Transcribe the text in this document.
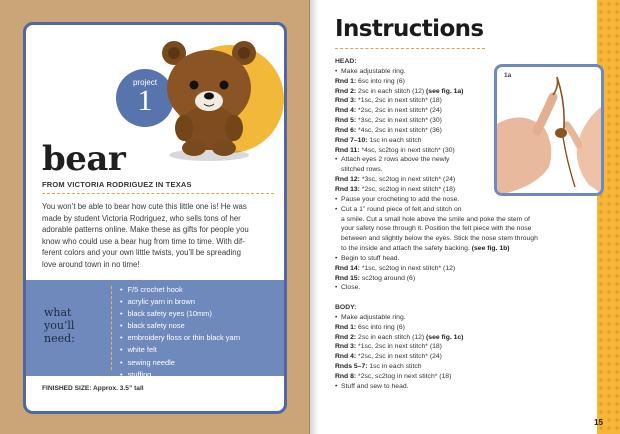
project
1
bear
FROM VICTORIA RODRIGUEZ IN TEXAS

You won’t be able to bear how cute this little one is! He was
made by student Victoria Rodriguez, who sells tons of her
adorable patterns online. Make these as gifts for people you
know who could use a bear hug from time to time. With dif-
ferent colors and your own little twists, you’ll be spreading
love around town in no time!

what
you’ll
need:
• F/5 crochet hook
• acrylic yarn in brown
• black safety eyes (10mm)
• black safety nose
• embroidery floss or thin black yarn
• white felt
• sewing needle
• stuffing
FINISHED SIZE: Approx. 3.5” tall
Instructions
HEAD:
• Make adjustable ring.
Rnd 1: 6sc into ring (6)
Rnd 2: 2sc in each stitch (12) (see fig. 1a)
Rnd 3: *1sc, 2sc in next stitch* (18)
Rnd 4: *2sc, 2sc in next stitch* (24)
Rnd 5: *3sc, 2sc in next stitch* (30)
Rnd 6: *4sc, 2sc in next stitch* (36)
Rnd 7–10: 1sc in each stitch
Rnd 11: *4sc, sc2tog in next stitch* (30)
• Attach eyes 2 rows above the newly
stitched rows.
Rnd 12: *3sc, sc2tog in next stitch* (24)
Rnd 13: *2sc, sc2tog in next stitch* (18)
• Pause your crocheting to add the nose.
• Cut a 1” round piece of felt and stitch on
a smile. Cut a small hole above the smile and poke the stem of
your safety nose through it. Position the felt piece with the nose
between and slightly below the eyes. Stick the nose stem through
to the inside and attach the safety backing. (see fig. 1b)
• Begin to stuff head.
Rnd 14: *1sc, sc2tog in next stitch* (12)
Rnd 15: sc2tog around (6)
• Close.
BODY:
• Make adjustable ring.
Rnd 1: 6sc into ring (6)
Rnd 2: 2sc in each stitch (12) (see fig. 1c)
Rnd 3: *1sc, 2sc in next stitch* (18)
Rnd 4: *2sc, 2sc in next stitch* (24)
Rnds 5–7: 1sc in each stitch
Rnd 8: *2sc, sc2tog in next stitch* (18)
• Stuff and sew to head.
1a
15
